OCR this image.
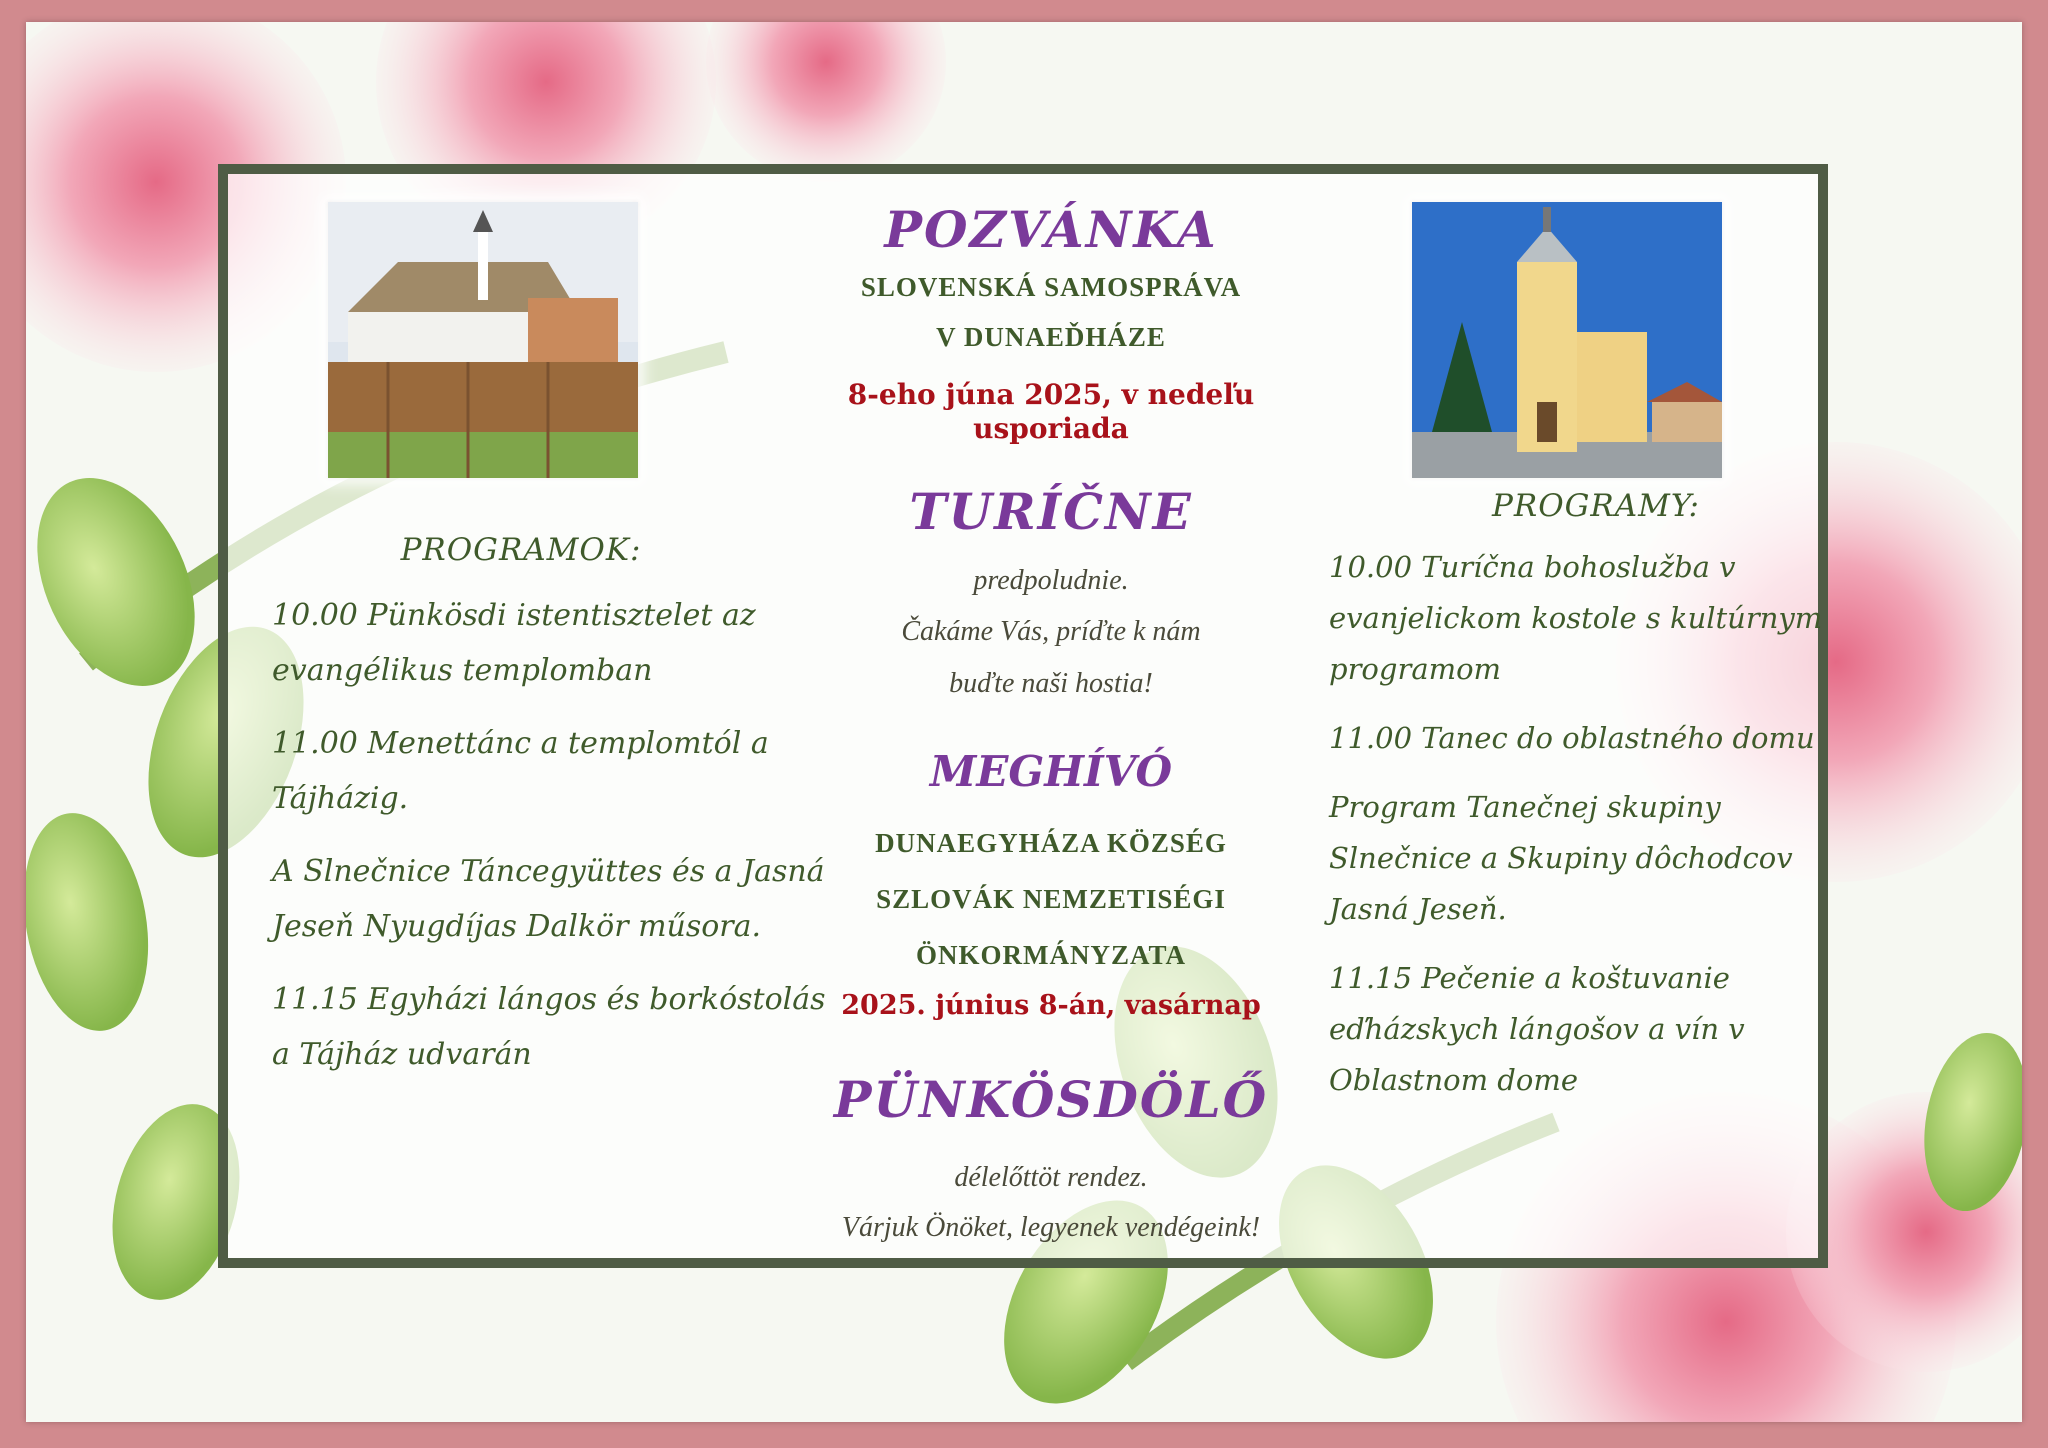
PROGRAMOK:

10.00 Pünkösdi istentisztelet az evangélikus templomban

11.00 Menettánc a templomtól a Tájházig.

A Slnečnice Táncegyüttes és a Jasná Jeseň Nyugdíjas Dalkör műsora.

11.15 Egyházi lángos és borkóstolás a Tájház udvarán

POZVÁNKA
SLOVENSKÁ SAMOSPRÁVA
V DUNAEĎHÁZE
8-eho júna 2025, v nedeľu
usporiada
TURÍČNE
predpoludnie.
Čakáme Vás, príďte k nám
buďte naši hostia!
MEGHÍVÓ
DUNAEGYHÁZA KÖZSÉG
SZLOVÁK NEMZETISÉGI
ÖNKORMÁNYZATA
2025. június 8-án, vasárnap
PÜNKÖSDÖLŐ
délelőttöt rendez.
Várjuk Önöket, legyenek vendégeink!
PROGRAMY:

10.00 Turíčna bohoslužba v evanjelickom kostole s kultúrnym programom

11.00 Tanec do oblastného domu

Program Tanečnej skupiny Slnečnice a Skupiny dôchodcov Jasná Jeseň.

11.15 Pečenie a koštuvanie eďházskych lángošov a vín v Oblastnom dome
